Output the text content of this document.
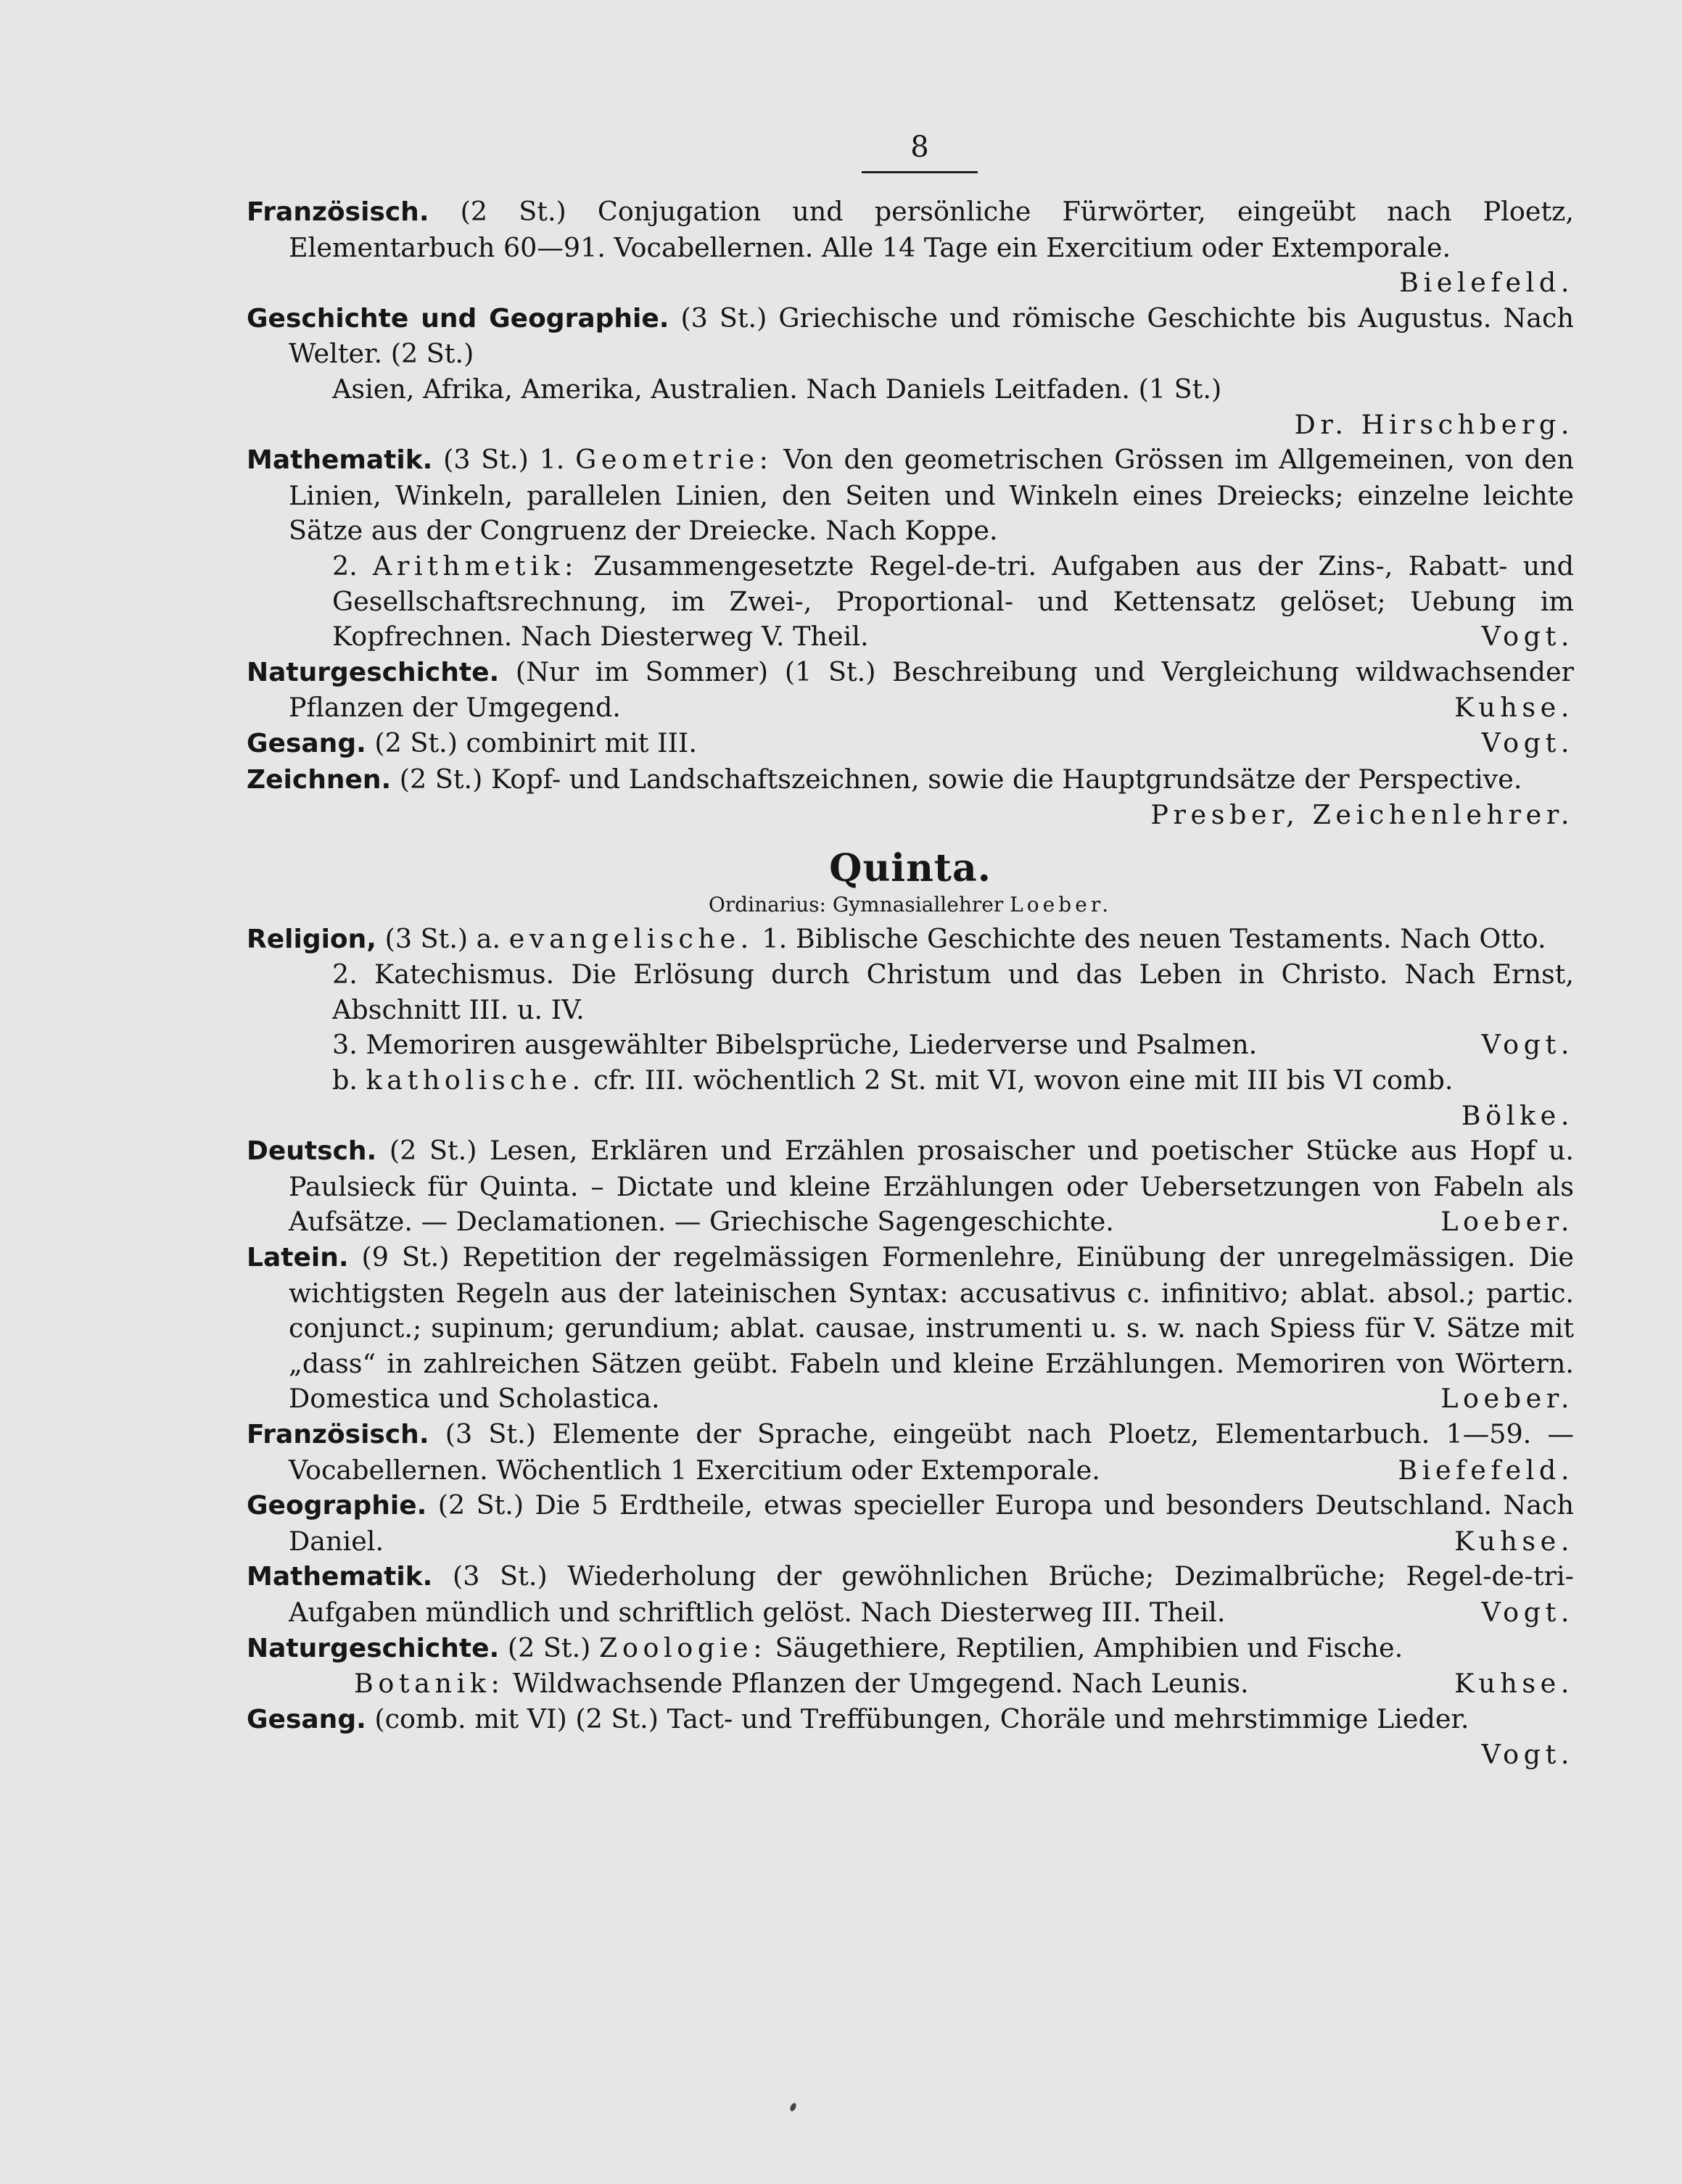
8
Französisch. (2 St.) Conjugation und persönliche Fürwörter, eingeübt nach Ploetz, Elementarbuch 60—91. Vocabellernen. Alle 14 Tage ein Exercitium oder Extemporale.
Bielefeld.
Geschichte und Geographie. (3 St.) Griechische und römische Geschichte bis Augustus. Nach Welter. (2 St.)
Asien, Afrika, Amerika, Australien. Nach Daniels Leitfaden. (1 St.)
Dr. Hirschberg.
Mathematik. (3 St.) 1. Geometrie: Von den geometrischen Grössen im Allgemeinen, von den Linien, Winkeln, parallelen Linien, den Seiten und Winkeln eines Dreiecks; einzelne leichte Sätze aus der Congruenz der Dreiecke. Nach Koppe.
2. Arithmetik: Zusammengesetzte Regel-de-tri. Aufgaben aus der Zins-, Rabatt- und Gesellschaftsrechnung, im Zwei-, Proportional- und Kettensatz gelöset; Uebung im Kopfrechnen. Nach Diesterweg V. Theil.	Vogt.
Naturgeschichte. (Nur im Sommer) (1 St.) Beschreibung und Vergleichung wildwachsender Pflanzen der Umgegend.	Kuhse.
Gesang. (2 St.) combinirt mit III.	Vogt.
Zeichnen. (2 St.) Kopf- und Landschaftszeichnen, sowie die Hauptgrundsätze der Perspective.
Presber, Zeichenlehrer.
Quinta.
Ordinarius: Gymnasiallehrer Loeber.
Religion, (3 St.) a. evangelische. 1. Biblische Geschichte des neuen Testaments. Nach Otto.
2. Katechismus. Die Erlösung durch Christum und das Leben in Christo. Nach Ernst, Abschnitt III. u. IV.
3. Memoriren ausgewählter Bibelsprüche, Liederverse und Psalmen.	Vogt.
b. katholische. cfr. III. wöchentlich 2 St. mit VI, wovon eine mit III bis VI comb.
Bölke.
Deutsch. (2 St.) Lesen, Erklären und Erzählen prosaischer und poetischer Stücke aus Hopf u. Paulsieck für Quinta. – Dictate und kleine Erzählungen oder Uebersetzungen von Fabeln als Aufsätze. — Declamationen. — Griechische Sagengeschichte.	Loeber.
Latein. (9 St.) Repetition der regelmässigen Formenlehre, Einübung der unregelmässigen. Die wichtigsten Regeln aus der lateinischen Syntax: accusativus c. infinitivo; ablat. absol.; partic. conjunct.; supinum; gerundium; ablat. causae, instrumenti u. s. w. nach Spiess für V. Sätze mit „dass“ in zahlreichen Sätzen geübt. Fabeln und kleine Erzählungen. Memoriren von Wörtern. Domestica und Scholastica.	Loeber.
Französisch. (3 St.) Elemente der Sprache, eingeübt nach Ploetz, Elementarbuch. 1—59. — Vocabellernen. Wöchentlich 1 Exercitium oder Extemporale.	Biefefeld.
Geographie. (2 St.) Die 5 Erdtheile, etwas specieller Europa und besonders Deutschland. Nach Daniel.	Kuhse.
Mathematik. (3 St.) Wiederholung der gewöhnlichen Brüche; Dezimalbrüche; Regel-de-tri-Aufgaben mündlich und schriftlich gelöst. Nach Diesterweg III. Theil.	Vogt.
Naturgeschichte. (2 St.) Zoologie: Säugethiere, Reptilien, Amphibien und Fische.
Botanik: Wildwachsende Pflanzen der Umgegend. Nach Leunis.	Kuhse.
Gesang. (comb. mit VI) (2 St.) Tact- und Treffübungen, Choräle und mehrstimmige Lieder.
Vogt.
